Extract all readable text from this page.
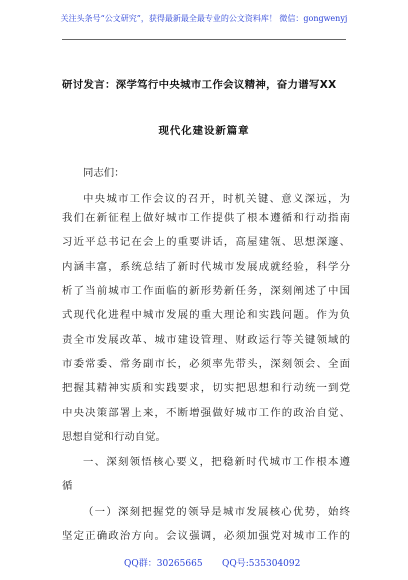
关注头条号“公文研究”，获得最新最全最专业的公文资料库！ 微信：gongwenyj
研讨发言：深学笃行中央城市工作会议精神，奋力谱写XX
现代化建设新篇章
同志们：
中央城市工作会议的召开，时机关键、意义深远，为
我们在新征程上做好城市工作提供了根本遵循和行动指南
习近平总书记在会上的重要讲话，高屋建瓴、思想深邃、
内涵丰富，系统总结了新时代城市发展成就经验，科学分
析了当前城市工作面临的新形势新任务，深刻阐述了中国
式现代化进程中城市发展的重大理论和实践问题。作为负
责全市发展改革、城市建设管理、财政运行等关键领域的
市委常委、常务副市长，必须率先带头，深刻领会、全面
把握其精神实质和实践要求，切实把思想和行动统一到党
中央决策部署上来，不断增强做好城市工作的政治自觉、
思想自觉和行动自觉。
一、深刻领悟核心要义，把稳新时代城市工作根本遵
循
（一）深刻把握党的领导是城市发展核心优势，始终
坚定正确政治方向。会议强调，必须加强党对城市工作的
QQ群：30265665 QQ号:535304092
